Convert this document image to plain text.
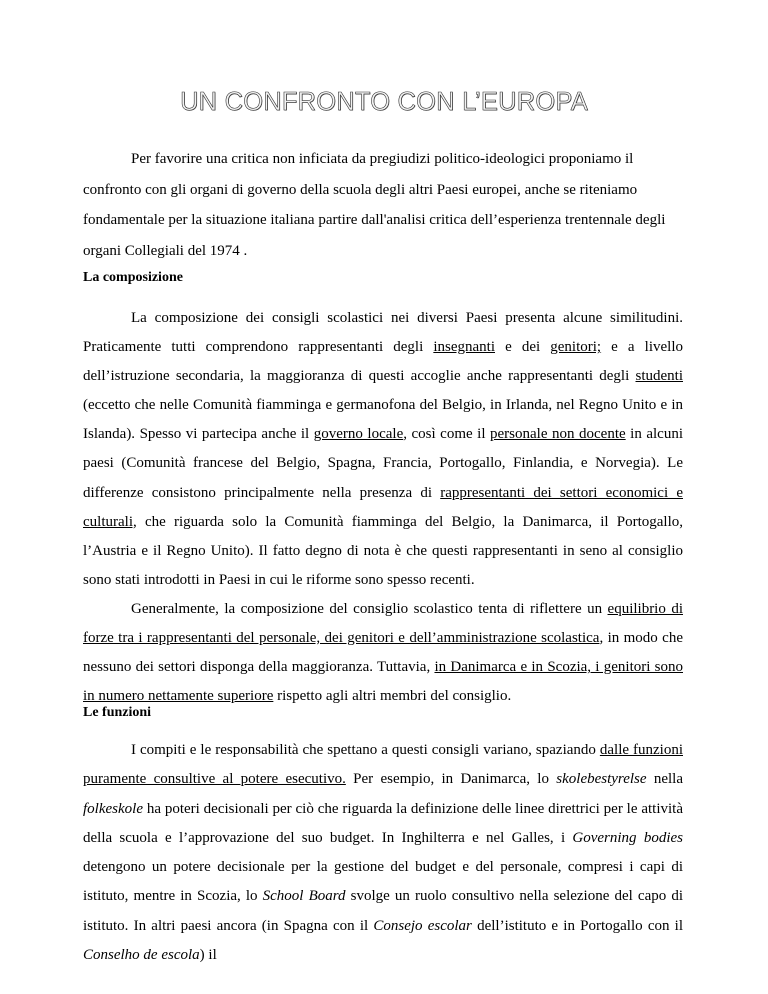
UN CONFRONTO CON L’EUROPA

Per favorire una critica non inficiata da pregiudizi politico-ideologici proponiamo il confronto con gli organi di governo della scuola degli altri Paesi europei, anche se riteniamo fondamentale per la situazione italiana partire dall'analisi critica dell’esperienza trentennale degli organi Collegiali del 1974 .

La composizione

La composizione dei consigli scolastici nei diversi Paesi presenta alcune similitudini. Praticamente tutti comprendono rappresentanti degli insegnanti e dei genitori; e a livello dell’istruzione secondaria, la maggioranza di questi accoglie anche rappresentanti degli studenti (eccetto che nelle Comunità fiamminga e germanofona del Belgio, in Irlanda, nel Regno Unito e in Islanda). Spesso vi partecipa anche il governo locale, così come il personale non docente in alcuni paesi (Comunità francese del Belgio, Spagna, Francia, Portogallo, Finlandia, e Norvegia). Le differenze consistono principalmente nella presenza di rappresentanti dei settori economici e culturali, che riguarda solo la Comunità fiamminga del Belgio, la Danimarca, il Portogallo, l’Austria e il Regno Unito). Il fatto degno di nota è che questi rappresentanti in seno al consiglio sono stati introdotti in Paesi in cui le riforme sono spesso recenti.

Generalmente, la composizione del consiglio scolastico tenta di riflettere un equilibrio di forze tra i rappresentanti del personale, dei genitori e dell’amministrazione scolastica, in modo che nessuno dei settori disponga della maggioranza. Tuttavia, in Danimarca e in Scozia, i genitori sono in numero nettamente superiore rispetto agli altri membri del consiglio.

Le funzioni

I compiti e le responsabilità che spettano a questi consigli variano, spaziando dalle funzioni puramente consultive al potere esecutivo. Per esempio, in Danimarca, lo skolebestyrelse nella folkeskole ha poteri decisionali per ciò che riguarda la definizione delle linee direttrici per le attività della scuola e l’approvazione del suo budget. In Inghilterra e nel Galles, i Governing bodies detengono un potere decisionale per la gestione del budget e del personale, compresi i capi di istituto, mentre in Scozia, lo School Board svolge un ruolo consultivo nella selezione del capo di istituto. In altri paesi ancora (in Spagna con il Consejo escolar dell’istituto e in Portogallo con il Conselho de escola) il
